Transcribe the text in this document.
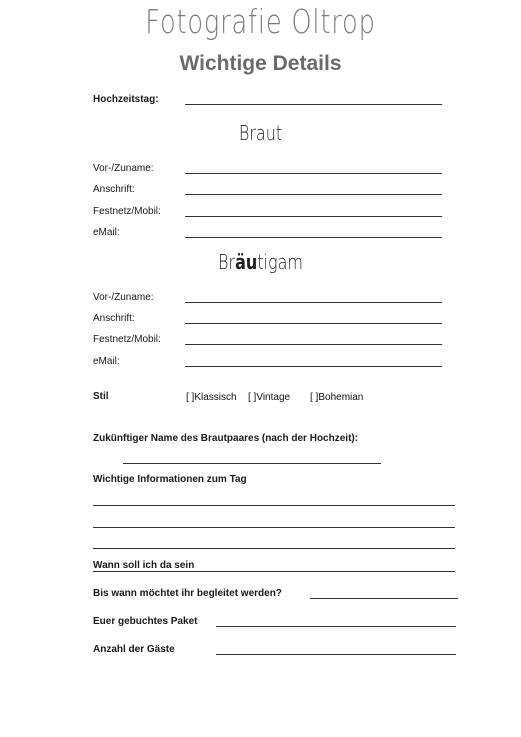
Fotografie Oltrop
Wichtige Details
Hochzeitstag:
Braut
Vor-/Zuname:
Anschrift:
Festnetz/Mobil:
eMail:
Bräutigam
Vor-/Zuname:
Anschrift:
Festnetz/Mobil:
eMail:
Stil	[ ]Klassisch [ ]Vintage [ ]Bohemian
Zukünftiger Name des Brautpaares (nach der Hochzeit):
Wichtige Informationen zum Tag
Wann soll ich da sein
Bis wann möchtet ihr begleitet werden?
Euer gebuchtes Paket
Anzahl der Gäste
